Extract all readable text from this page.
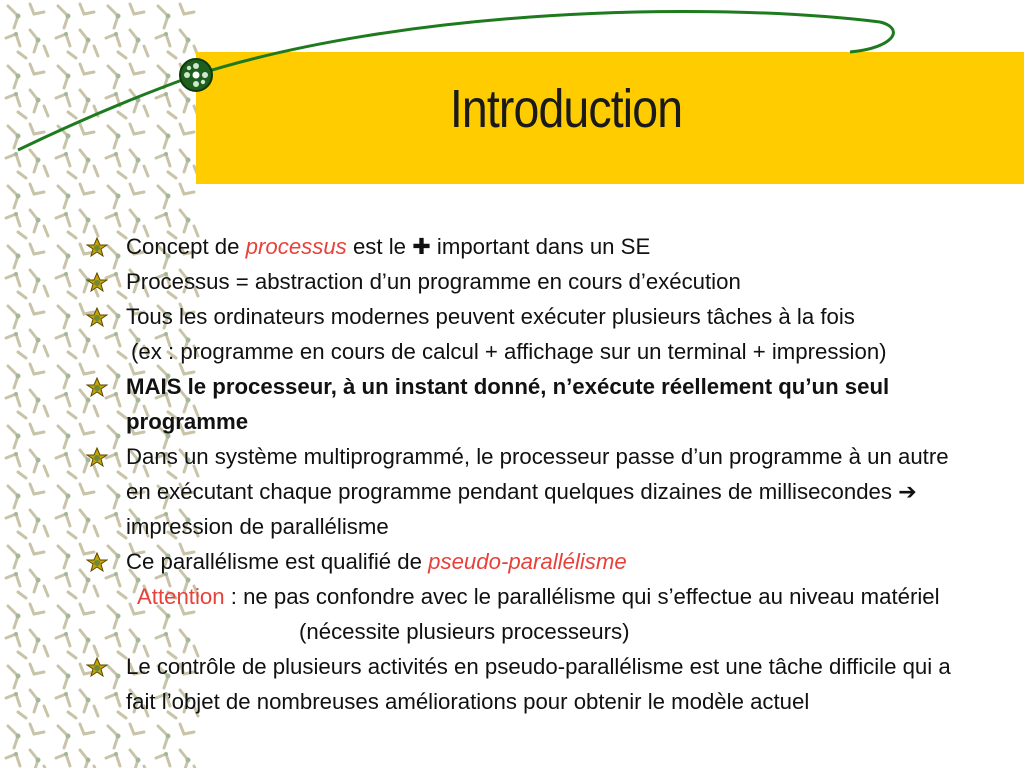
Introduction

Concept de processus est le ✚ important dans un SE

Processus = abstraction d’un programme en cours d’exécution

Tous les ordinateurs modernes peuvent exécuter plusieurs tâches à la fois

(ex : programme en cours de calcul + affichage sur un terminal + impression)

MAIS le processeur, à un instant donné, n’exécute réellement qu’un seul

programme

Dans un système multiprogrammé, le processeur passe d’un programme à un autre

en exécutant chaque programme pendant quelques dizaines de millisecondes ➔

impression de parallélisme

Ce parallélisme est qualifié de pseudo-parallélisme

Attention : ne pas confondre avec le parallélisme qui s’effectue au niveau matériel

(nécessite plusieurs processeurs)

Le contrôle de plusieurs activités en pseudo-parallélisme est une tâche difficile qui a

fait l’objet de nombreuses améliorations pour obtenir le modèle actuel
